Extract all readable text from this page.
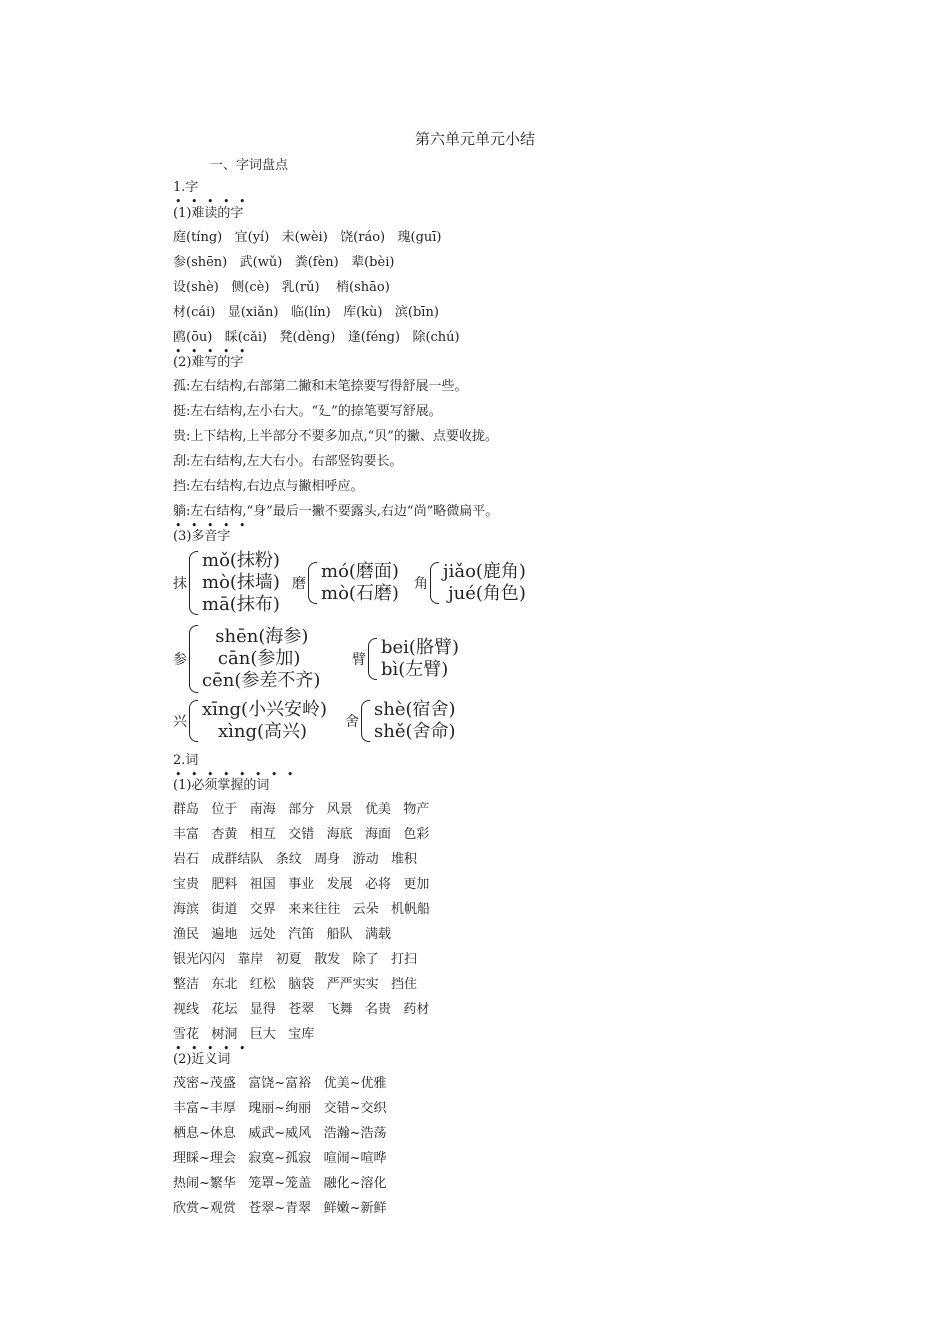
第六单元单元小结
一、字词盘点
1.字
• • • • •
(1)难读的字
庭(tíng)   宜(yí)   未(wèi)   饶(ráo)   瑰(guī)
参(shēn)   武(wǔ)   粪(fèn)   辈(bèi)
设(shè)   侧(cè)   乳(rǔ)    梢(shāo)
材(cái)   显(xiǎn)   临(lín)   库(kù)   滨(bīn)
鸥(ōu)   睬(cǎi)   凳(dèng)   逢(féng)   除(chú)
• • • • •
(2)难写的字
孤:左右结构,右部第二撇和末笔捺要写得舒展一些。
挺:左右结构,左小右大。“廴”的捺笔要写舒展。
贵:上下结构,上半部分不要多加点,“贝”的撇、点要收拢。
刮:左右结构,左大右小。右部竖钩要长。
挡:左右结构,右边点与撇相呼应。
躺:左右结构,“身”最后一撇不要露头,右边“尚”略微扁平。
• • • • •
(3)多音字
抹
mǒ(抹粉)
mò(抹墙)
mā(抹布)
磨
mó(磨面)
mò(石磨) 角
jiǎo(鹿角)
jué(角色)
参
shēn(海参)
cān(参加)
cēn(参差不齐)
臂
bei(胳臂)
bì(左臂)
兴
xīng(小兴安岭)
xìng(高兴)	舍
shè(宿舍)
shě(舍命)
2.词
• • • • • • • •
(1)必须掌握的词
群岛   位于   南海   部分   风景   优美   物产
丰富   杏黄   相互   交错   海底   海面   色彩
岩石   成群结队   条纹   周身   游动   堆积
宝贵   肥料   祖国   事业   发展   必将   更加
海滨   街道   交界   来来往往   云朵   机帆船
渔民   遍地   远处   汽笛   船队   满载
银光闪闪   靠岸   初夏   散发   除了   打扫
整洁   东北   红松   脑袋   严严实实   挡住
视线   花坛   显得   苍翠   飞舞   名贵   药材
雪花   树洞   巨大   宝库
• • • • •
(2)近义词
茂密~茂盛   富饶~富裕   优美~优雅
丰富~丰厚   瑰丽~绚丽   交错~交织
栖息~休息   威武~威风   浩瀚~浩荡
理睬~理会   寂寞~孤寂   喧闹~喧哗
热闹~繁华   笼罩~笼盖   融化~溶化
欣赏~观赏   苍翠~青翠   鲜嫩~新鲜
